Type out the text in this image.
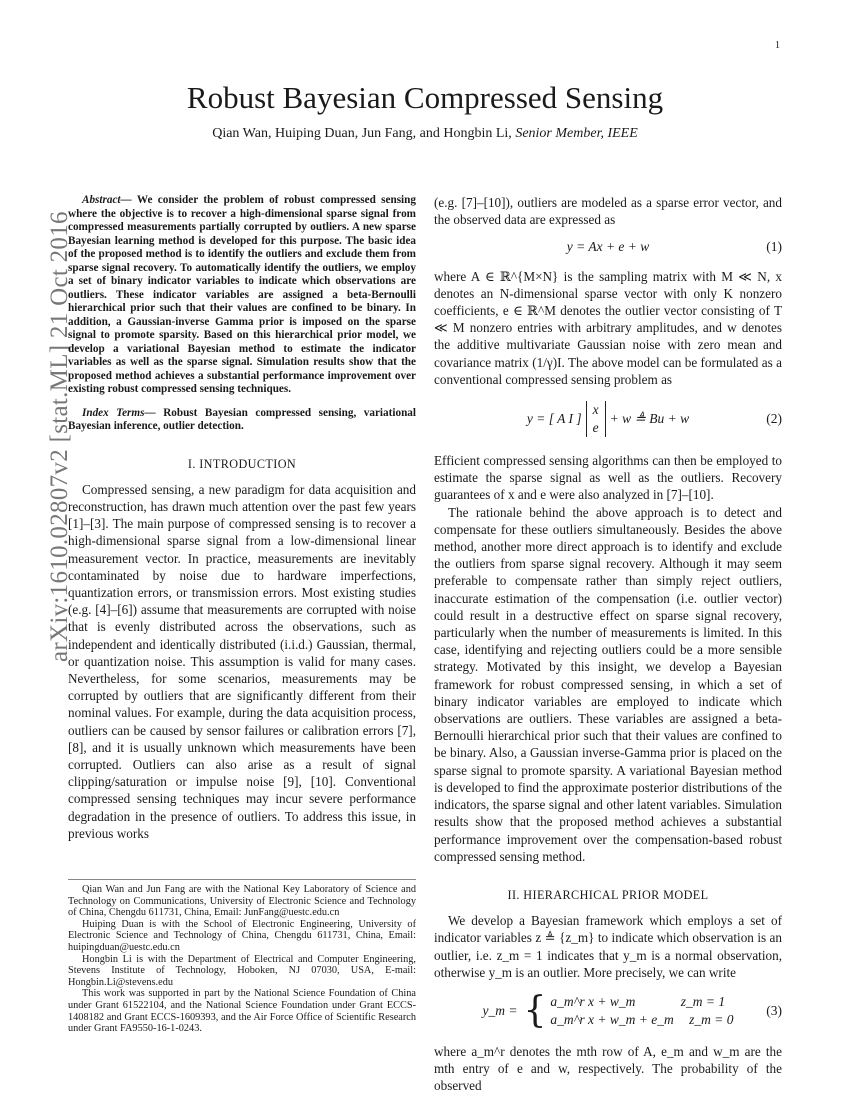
1
arXiv:1610.02807v2 [stat.ML] 21 Oct 2016
Robust Bayesian Compressed Sensing
Qian Wan, Huiping Duan, Jun Fang, and Hongbin Li, Senior Member, IEEE

Abstract— We consider the problem of robust compressed sensing where the objective is to recover a high-dimensional sparse signal from compressed measurements partially corrupted by outliers. A new sparse Bayesian learning method is developed for this purpose. The basic idea of the proposed method is to identify the outliers and exclude them from sparse signal recovery. To automatically identify the outliers, we employ a set of binary indicator variables to indicate which observations are outliers. These indicator variables are assigned a beta-Bernoulli hierarchical prior such that their values are confined to be binary. In addition, a Gaussian-inverse Gamma prior is imposed on the sparse signal to promote sparsity. Based on this hierarchical prior model, we develop a variational Bayesian method to estimate the indicator variables as well as the sparse signal. Simulation results show that the proposed method achieves a substantial performance improvement over existing robust compressed sensing techniques.

Index Terms— Robust Bayesian compressed sensing, variational Bayesian inference, outlier detection.

I. INTRODUCTION

Compressed sensing, a new paradigm for data acquisition and reconstruction, has drawn much attention over the past few years [1]–[3]. The main purpose of compressed sensing is to recover a high-dimensional sparse signal from a low-dimensional linear measurement vector. In practice, measurements are inevitably contaminated by noise due to hardware imperfections, quantization errors, or transmission errors. Most existing studies (e.g. [4]–[6]) assume that measurements are corrupted with noise that is evenly distributed across the observations, such as independent and identically distributed (i.i.d.) Gaussian, thermal, or quantization noise. This assumption is valid for many cases. Nevertheless, for some scenarios, measurements may be corrupted by outliers that are significantly different from their nominal values. For example, during the data acquisition process, outliers can be caused by sensor failures or calibration errors [7], [8], and it is usually unknown which measurements have been corrupted. Outliers can also arise as a result of signal clipping/saturation or impulse noise [9], [10]. Conventional compressed sensing techniques may incur severe performance degradation in the presence of outliers. To address this issue, in previous works

Qian Wan and Jun Fang are with the National Key Laboratory of Science and Technology on Communications, University of Electronic Science and Technology of China, Chengdu 611731, China, Email: JunFang@uestc.edu.cn

Huiping Duan is with the School of Electronic Engineering, University of Electronic Science and Technology of China, Chengdu 611731, China, Email: huipingduan@uestc.edu.cn

Hongbin Li is with the Department of Electrical and Computer Engineering, Stevens Institute of Technology, Hoboken, NJ 07030, USA, E-mail: Hongbin.Li@stevens.edu

This work was supported in part by the National Science Foundation of China under Grant 61522104, and the National Science Foundation under Grant ECCS-1408182 and Grant ECCS-1609393, and the Air Force Office of Scientific Research under Grant FA9550-16-1-0243.

(e.g. [7]–[10]), outliers are modeled as a sparse error vector, and the observed data are expressed as

y = Ax + e + w	(1)

where A ∈ ℝ^{M×N} is the sampling matrix with M ≪ N, x denotes an N-dimensional sparse vector with only K nonzero coefficients, e ∈ ℝ^M denotes the outlier vector consisting of T ≪ M nonzero entries with arbitrary amplitudes, and w denotes the additive multivariate Gaussian noise with zero mean and covariance matrix (1/γ)I. The above model can be formulated as a conventional compressed sensing problem as

y = [ A I ]
x
e
+ w ≜ Bu + w	(2)

Efficient compressed sensing algorithms can then be employed to estimate the sparse signal as well as the outliers. Recovery guarantees of x and e were also analyzed in [7]–[10].

The rationale behind the above approach is to detect and compensate for these outliers simultaneously. Besides the above method, another more direct approach is to identify and exclude the outliers from sparse signal recovery. Although it may seem preferable to compensate rather than simply reject outliers, inaccurate estimation of the compensation (i.e. outlier vector) could result in a destructive effect on sparse signal recovery, particularly when the number of measurements is limited. In this case, identifying and rejecting outliers could be a more sensible strategy. Motivated by this insight, we develop a Bayesian framework for robust compressed sensing, in which a set of binary indicator variables are employed to indicate which observations are outliers. These variables are assigned a beta-Bernoulli hierarchical prior such that their values are confined to be binary. Also, a Gaussian inverse-Gamma prior is placed on the sparse signal to promote sparsity. A variational Bayesian method is developed to find the approximate posterior distributions of the indicators, the sparse signal and other latent variables. Simulation results show that the proposed method achieves a substantial performance improvement over the compensation-based robust compressed sensing method.

II. HIERARCHICAL PRIOR MODEL

We develop a Bayesian framework which employs a set of indicator variables z ≜ {z_m} to indicate which observation is an outlier, i.e. z_m = 1 indicates that y_m is a normal observation, otherwise y_m is an outlier. More precisely, we can write

y_m = { a_m^r x + w_m	z_m = 1
a_m^r x + w_m + e_m z_m = 0
(3)

where a_m^r denotes the mth row of A, e_m and w_m are the mth entry of e and w, respectively. The probability of the observed
